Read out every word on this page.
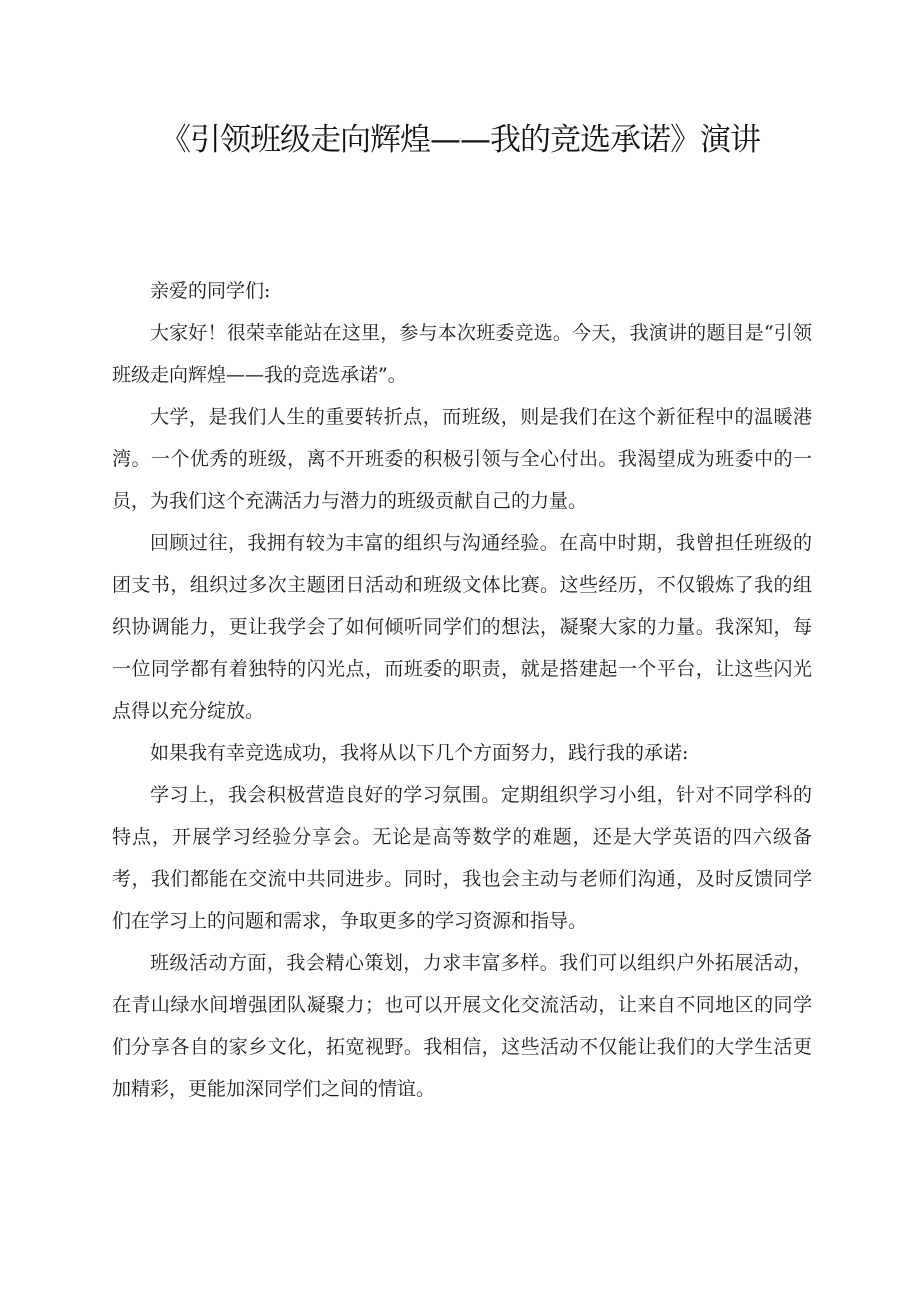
《引领班级走向辉煌——我的竞选承诺》演讲

亲爱的同学们:

大家好！很荣幸能站在这里，参与本次班委竞选。今天，我演讲的题目是“引领班级走向辉煌——我的竞选承诺”。

大学，是我们人生的重要转折点，而班级，则是我们在这个新征程中的温暖港湾。一个优秀的班级，离不开班委的积极引领与全心付出。我渴望成为班委中的一员，为我们这个充满活力与潜力的班级贡献自己的力量。

回顾过往，我拥有较为丰富的组织与沟通经验。在高中时期，我曾担任班级的团支书，组织过多次主题团日活动和班级文体比赛。这些经历，不仅锻炼了我的组织协调能力，更让我学会了如何倾听同学们的想法，凝聚大家的力量。我深知，每一位同学都有着独特的闪光点，而班委的职责，就是搭建起一个平台，让这些闪光点得以充分绽放。

如果我有幸竞选成功，我将从以下几个方面努力，践行我的承诺:

学习上，我会积极营造良好的学习氛围。定期组织学习小组，针对不同学科的特点，开展学习经验分享会。无论是高等数学的难题，还是大学英语的四六级备考，我们都能在交流中共同进步。同时，我也会主动与老师们沟通，及时反馈同学们在学习上的问题和需求，争取更多的学习资源和指导。

班级活动方面，我会精心策划，力求丰富多样。我们可以组织户外拓展活动，在青山绿水间增强团队凝聚力；也可以开展文化交流活动，让来自不同地区的同学们分享各自的家乡文化，拓宽视野。我相信，这些活动不仅能让我们的大学生活更加精彩，更能加深同学们之间的情谊。
